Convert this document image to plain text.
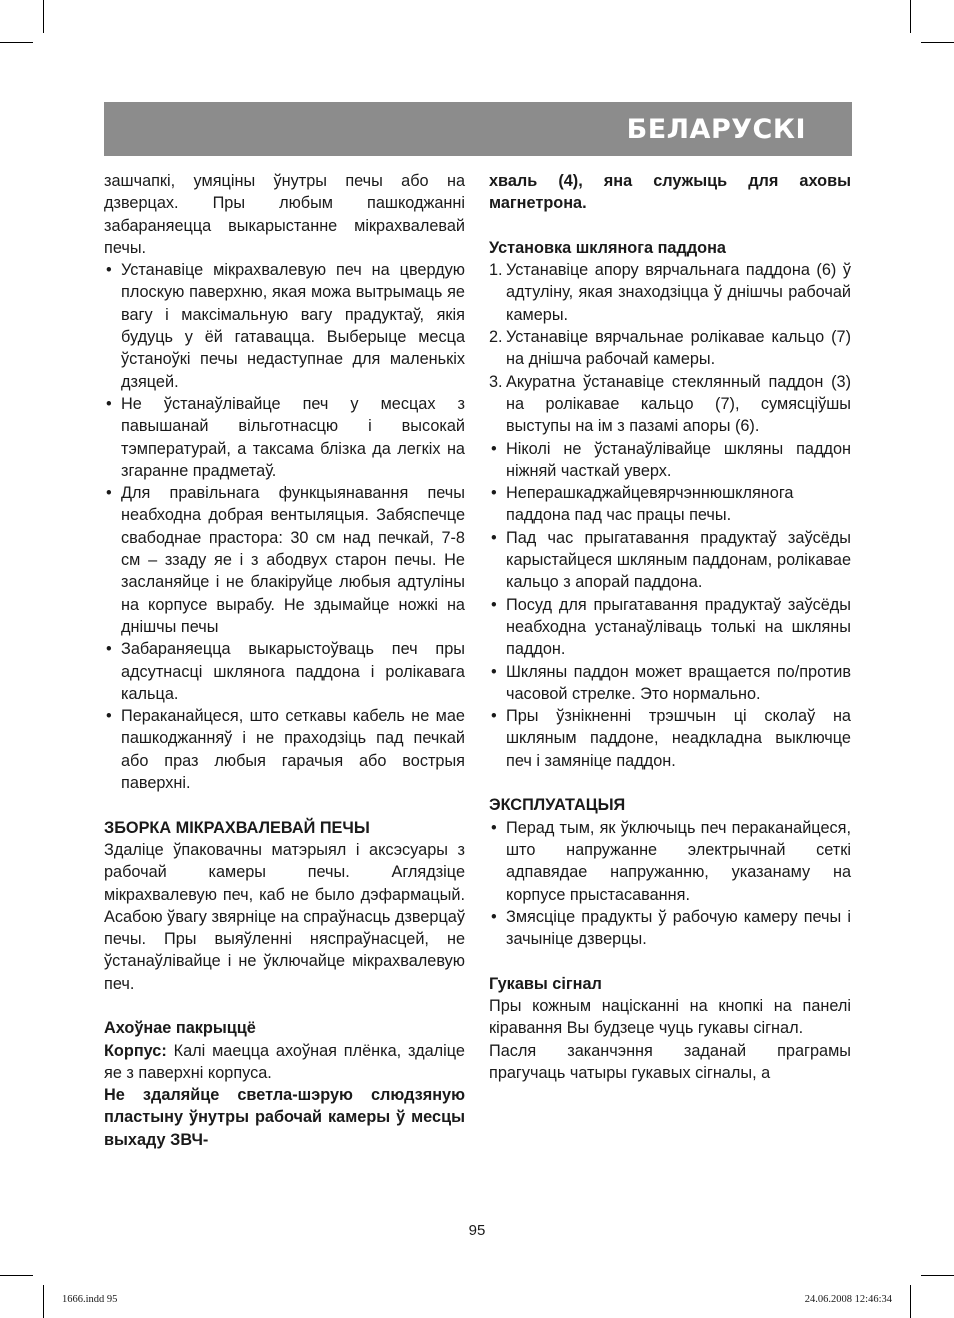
БЕЛАРУСКІ

зашчапкі, умяціны ўнутры печы або на дзверцах. Пры любым пашкоджанні забараняецца выкарыстанне мікрахвалевай печы.

• Устанавіце мікрахвалевую печ на цвердую плоскую паверхню, якая можа вытрымаць яе вагу і максімальную вагу прадуктаў, якія будуць у ёй гатавацца. Выберыце месца ўстаноўкі печы недаступнае для маленькіх дзяцей.
• Не ўстанаўлівайце печ у месцах з павышанай вільготнасцю і высокай тэмпературай, а таксама блізка да легкіх на згаранне прадметаў.
• Для правільнага функцыянавання печы неабходна добрая вентыляцыя. Забяспечце свабоднае прастора: 30 см над печкай, 7-8 см – ззаду яе і з абодвух старон печы. Не засланяйце і не блакіруйце любыя адтуліны на корпусе вырабу. Не здымайце ножкі на днішчы печы
• Забараняецца выкарыстоўваць печ пры адсутнасці шклянога паддона і ролікавага кальца.
• Пераканайцеся, што сеткавы кабель не мае пашкоджанняў і не праходзіць пад печкай або праз любыя гарачыя або вострыя паверхні.

ЗБОРКА МІКРАХВАЛЕВАЙ ПЕЧЫ

Здаліце ўпаковачны матэрыял і аксэсуары з рабочай камеры печы. Аглядзіце мікрахвалевую печ, каб не было дэфармацый. Асабою ўвагу звярніце на спраўнасць дзверцаў печы. Пры выяўленні няспраўнасцей, не ўстанаўлівайце і не ўключайце мікрахвалевую печ.

Ахоўнае пакрыццё

Корпус: Калі маецца ахоўная плёнка, здаліце яе з паверхні корпуса.

Не здаляйце светла-шэрую слюдзяную пластыну ўнутры рабочай камеры ў месцы выхаду ЗВЧ-

хваль (4), яна служыць для аховы магнетрона.

Установка шклянога паддона

1. Устанавіце апору вярчальнага паддона (6) ў адтуліну, якая знаходзіцца ў днішчы рабочай камеры.
2. Устанавіце вярчальнае ролікавае кальцо (7) на днішча рабочай камеры.
3. Акуратна ўстанавіце стеклянный паддон (3) на ролікавае кальцо (7), сумясціўшы выступы на ім з пазамі апоры (6).
• Ніколі не ўстанаўлівайце шкляны паддон ніжняй часткай уверх.
• Неперашкаджайцевярчэннюшклянога паддона пад час працы печы.
• Пад час прыгатавання прадуктаў заўсёды карыстайцеся шкляным паддонам, ролікавае кальцо з апорай паддона.
• Посуд для прыгатавання прадуктаў заўсёды неабходна устанаўліваць толькі на шкляны паддон.
• Шкляны паддон может вращается по/против часовой стрелке. Это нормально.
• Пры ўзнікненні трэшчын ці сколаў на шкляным паддоне, неадкладна выключце печ і замяніце паддон.

ЭКСПЛУАТАЦЫЯ

• Перад тым, як ўключыць печ пераканайцеся, што напружанне электрычнай сеткі адпавядае напружанню, указанаму на корпусе прыстасавання.
• Змясціце прадукты ў рабочую камеру печы і зачыніце дзверцы.

Гукавы сігнал

Пры кожным націсканні на кнопкі на панелі кіравання Вы будзеце чуць гукавы сігнал.

Пасля заканчэння заданай праграмы прагучаць чатыры гукавых сігналы, а

95
1666.indd 95	24.06.2008 12:46:34
